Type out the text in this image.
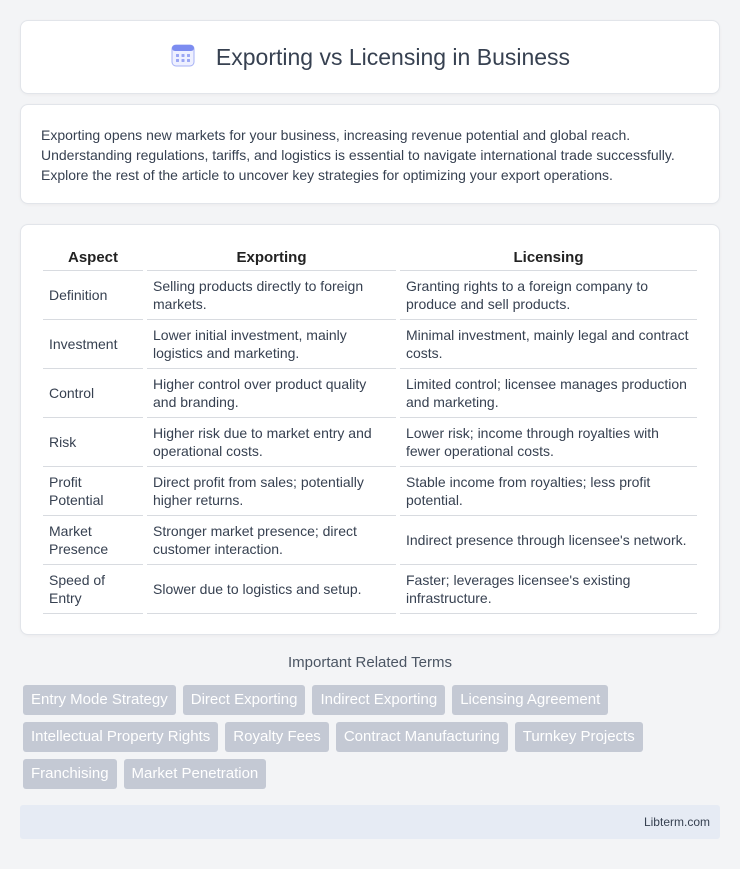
Exporting vs Licensing in Business

Exporting opens new markets for your business, increasing revenue potential and global reach. Understanding regulations, tariffs, and logistics is essential to navigate international trade successfully. Explore the rest of the article to uncover key strategies for optimizing your export operations.

Aspect	Exporting	Licensing
Definition	Selling products directly to foreign markets.	Granting rights to a foreign company to produce and sell products.
Investment	Lower initial investment, mainly logistics and marketing.	Minimal investment, mainly legal and contract costs.
Control	Higher control over product quality and branding.	Limited control; licensee manages production and marketing.
Risk	Higher risk due to market entry and operational costs.	Lower risk; income through royalties with fewer operational costs.
Profit Potential	Direct profit from sales; potentially higher returns.	Stable income from royalties; less profit potential.
Market Presence	Stronger market presence; direct customer interaction.	Indirect presence through licensee's network.
Speed of Entry	Slower due to logistics and setup.	Faster; leverages licensee's existing infrastructure.
Important Related Terms
Entry Mode Strategy	Direct Exporting	Indirect Exporting	Licensing Agreement
Intellectual Property Rights	Royalty Fees	Contract Manufacturing	Turnkey Projects
Franchising	Market Penetration
Libterm.com
